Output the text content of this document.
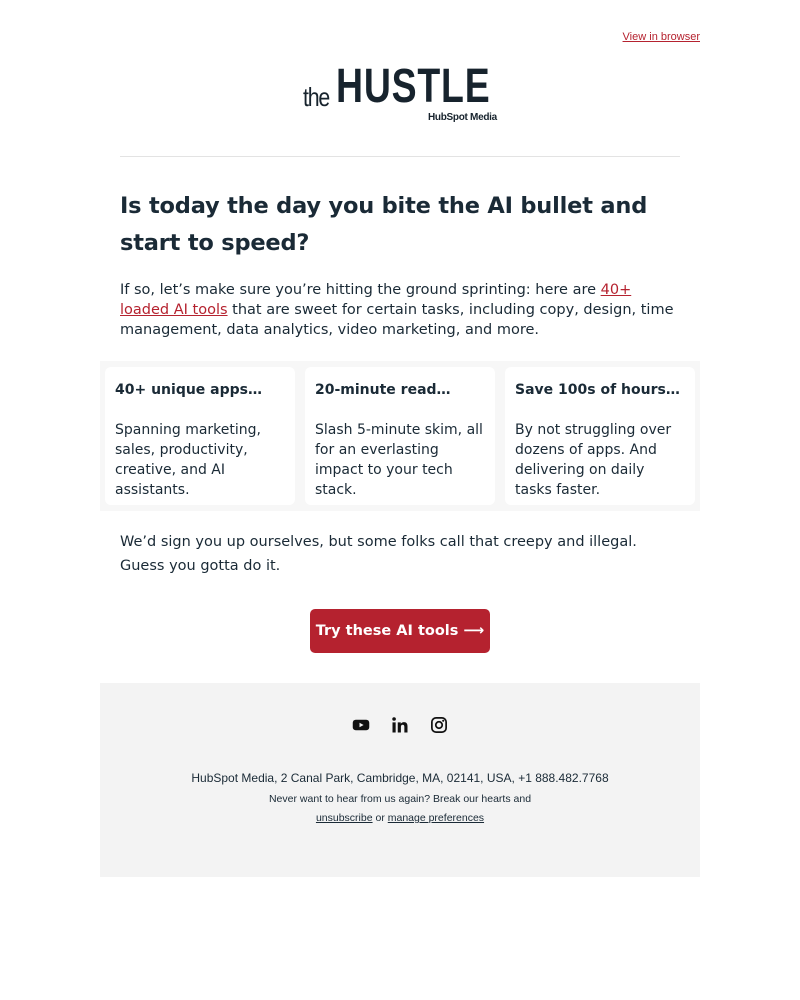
View in browser
the HUSTLE
HubSpot Media
Is today the day you bite the AI bullet and start to speed?

If so, let’s make sure you’re hitting the ground sprinting: here are 40+ loaded AI tools that are sweet for certain tasks, including copy, design, time management, data analytics, video marketing, and more.

40+ unique apps…

Spanning marketing, sales, productivity, creative, and AI assistants.

20-minute read…

Slash 5-minute skim, all for an everlasting impact to your tech stack.

Save 100s of hours…

By not struggling over dozens of apps. And delivering on daily tasks faster.

We’d sign you up ourselves, but some folks call that creepy and illegal. Guess you gotta do it.

Try these AI tools ⟶
HubSpot Media, 2 Canal Park, Cambridge, MA, 02141, USA, +1 888.482.7768
Never want to hear from us again? Break our hearts and
unsubscribe or manage preferences
